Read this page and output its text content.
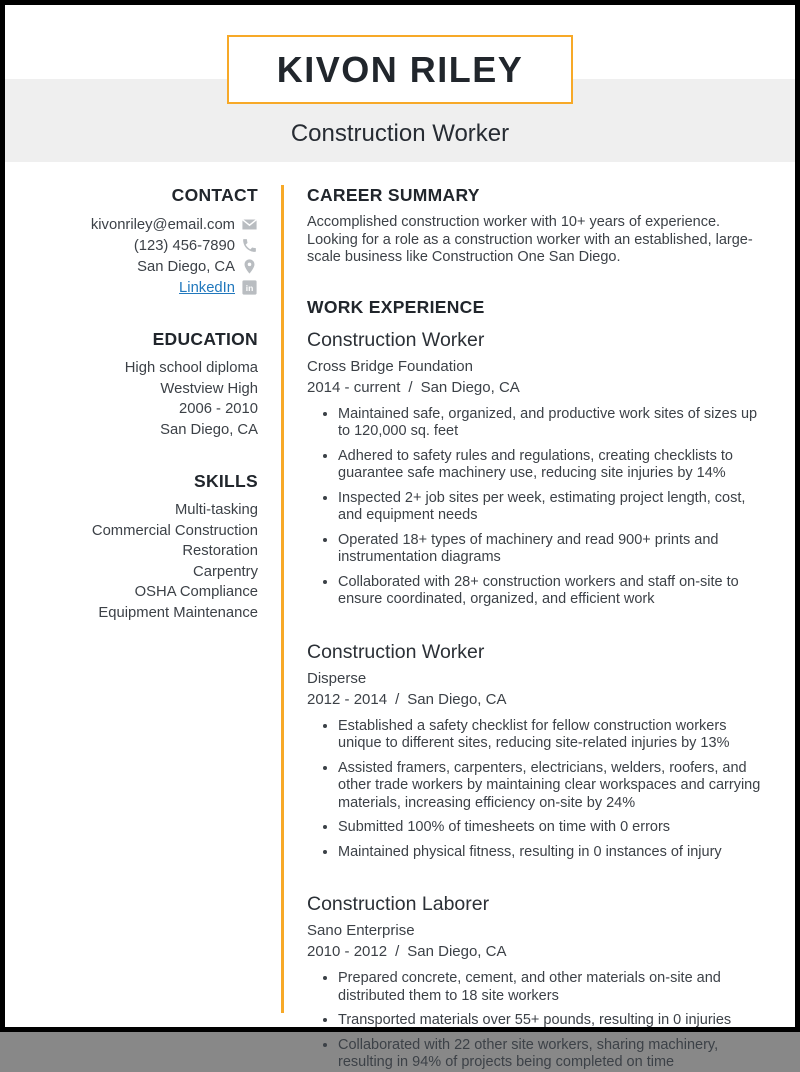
KIVON RILEY
Construction Worker
CONTACT
kivonriley@email.com
(123) 456-7890
San Diego, CA
LinkedIn in
EDUCATION
High school diploma
Westview High
2006 - 2010
San Diego, CA
SKILLS
Multi-tasking
Commercial Construction
Restoration
Carpentry
OSHA Compliance
Equipment Maintenance
CAREER SUMMARY

Accomplished construction worker with 10+ years of experience. Looking for a role as a construction worker with an established, large-scale business like Construction One San Diego.

WORK EXPERIENCE
Construction Worker
Cross Bridge Foundation
2014 - current / San Diego, CA
• Maintained safe, organized, and productive work sites of sizes up to 120,000 sq. feet
• Adhered to safety rules and regulations, creating checklists to guarantee safe machinery use, reducing site injuries by 14%
• Inspected 2+ job sites per week, estimating project length, cost, and equipment needs
• Operated 18+ types of machinery and read 900+ prints and instrumentation diagrams
• Collaborated with 28+ construction workers and staff on-site to ensure coordinated, organized, and efficient work
Construction Worker
Disperse
2012 - 2014 / San Diego, CA
• Established a safety checklist for fellow construction workers unique to different sites, reducing site-related injuries by 13%
• Assisted framers, carpenters, electricians, welders, roofers, and other trade workers by maintaining clear workspaces and carrying materials, increasing efficiency on-site by 24%
• Submitted 100% of timesheets on time with 0 errors
• Maintained physical fitness, resulting in 0 instances of injury
Construction Laborer
Sano Enterprise
2010 - 2012 / San Diego, CA
• Prepared concrete, cement, and other materials on-site and distributed them to 18 site workers
• Transported materials over 55+ pounds, resulting in 0 injuries
• Collaborated with 22 other site workers, sharing machinery, resulting in 94% of projects being completed on time
